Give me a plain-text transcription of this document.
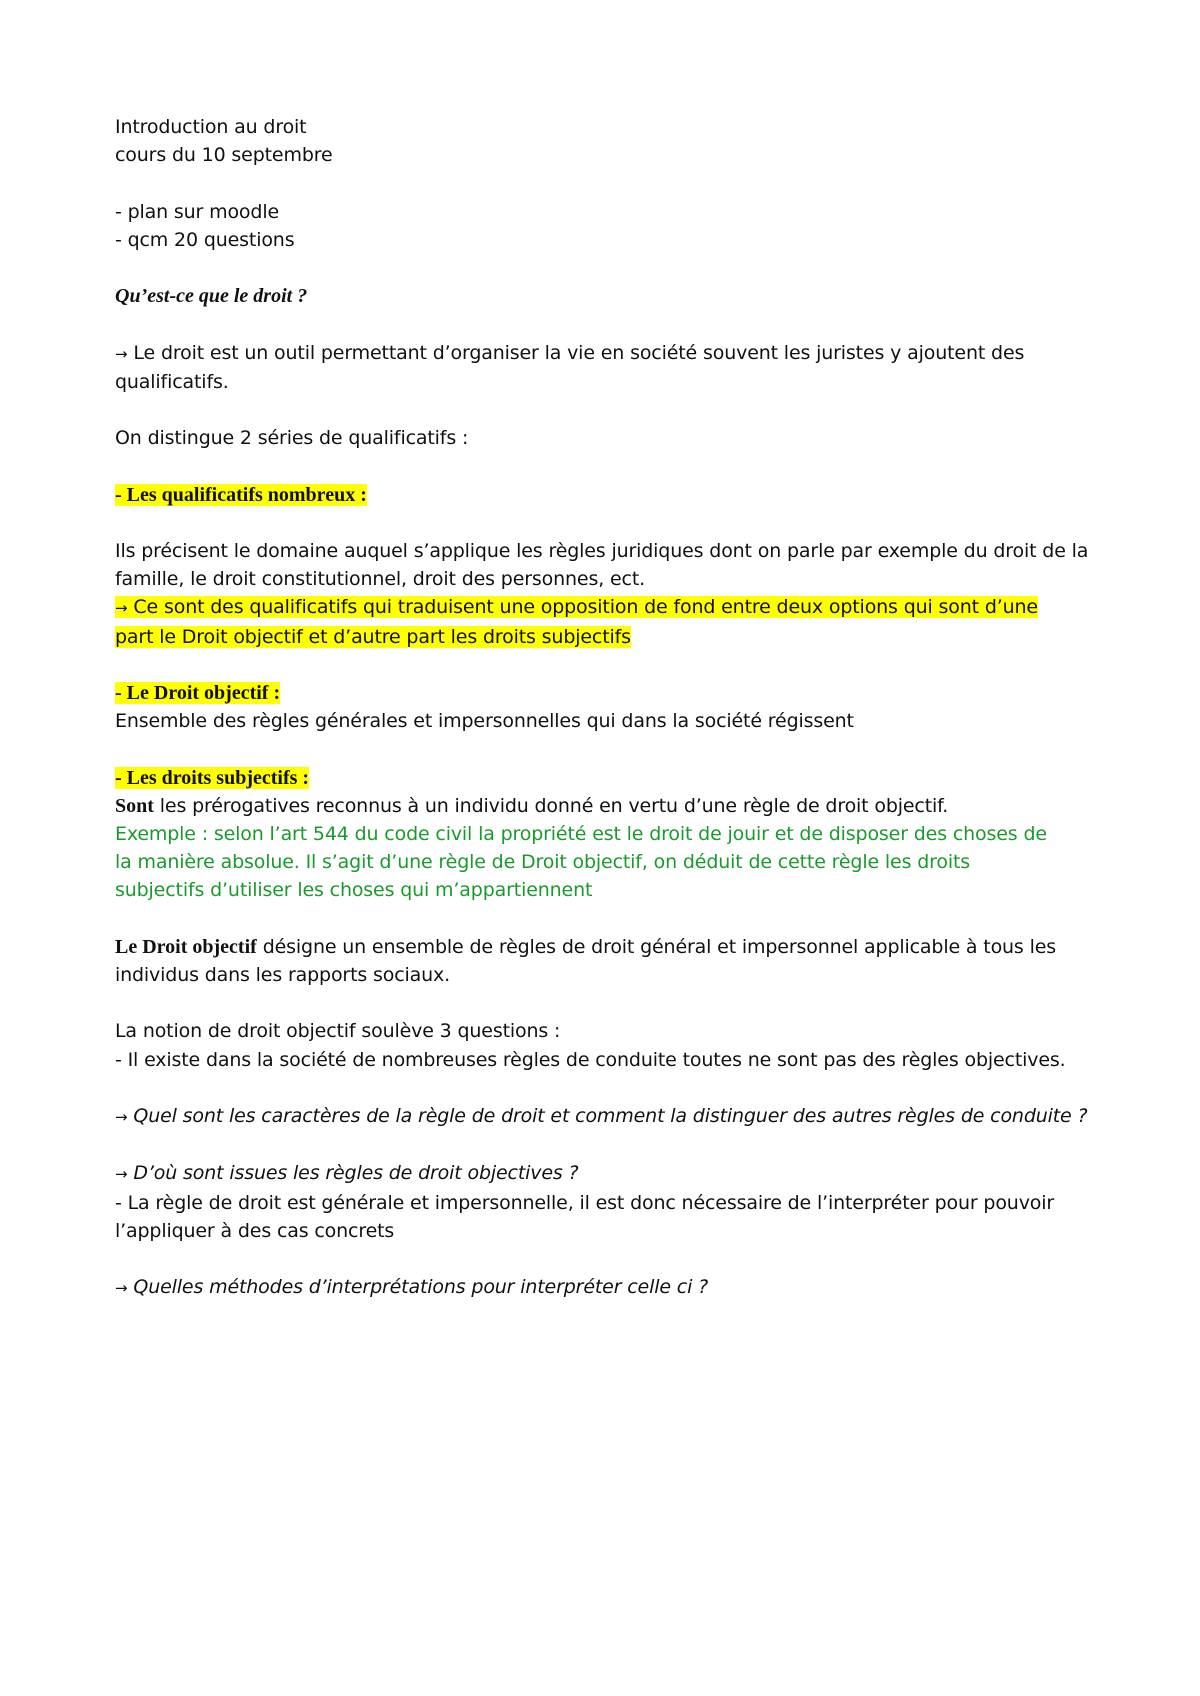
Introduction au droit
cours du 10 septembre
- plan sur moodle
- qcm 20 questions
Qu’est-ce que le droit ?
→ Le droit est un outil permettant d’organiser la vie en société souvent les juristes y ajoutent des qualificatifs.
On distingue 2 séries de qualificatifs :
- Les qualificatifs nombreux :
Ils précisent le domaine auquel s’applique les règles juridiques dont on parle par exemple du droit de la famille, le droit constitutionnel, droit des personnes, ect.
→ Ce sont des qualificatifs qui traduisent une opposition de fond entre deux options qui sont d’une
part le Droit objectif et d’autre part les droits subjectifs
- Le Droit objectif :
Ensemble des règles générales et impersonnelles qui dans la société régissent
- Les droits subjectifs :
Sont les prérogatives reconnus à un individu donné en vertu d’une règle de droit objectif.
Exemple : selon l’art 544 du code civil la propriété est le droit de jouir et de disposer des choses de
la manière absolue. Il s’agit d’une règle de Droit objectif, on déduit de cette règle les droits
subjectifs d’utiliser les choses qui m’appartiennent
Le Droit objectif désigne un ensemble de règles de droit général et impersonnel applicable à tous les individus dans les rapports sociaux.
La notion de droit objectif soulève 3 questions :
- Il existe dans la société de nombreuses règles de conduite toutes ne sont pas des règles objectives.
→ Quel sont les caractères de la règle de droit et comment la distinguer des autres règles de conduite ?
→ D’où sont issues les règles de droit objectives ?
- La règle de droit est générale et impersonnelle, il est donc nécessaire de l’interpréter pour pouvoir l’appliquer à des cas concrets
→ Quelles méthodes d’interprétations pour interpréter celle ci ?
